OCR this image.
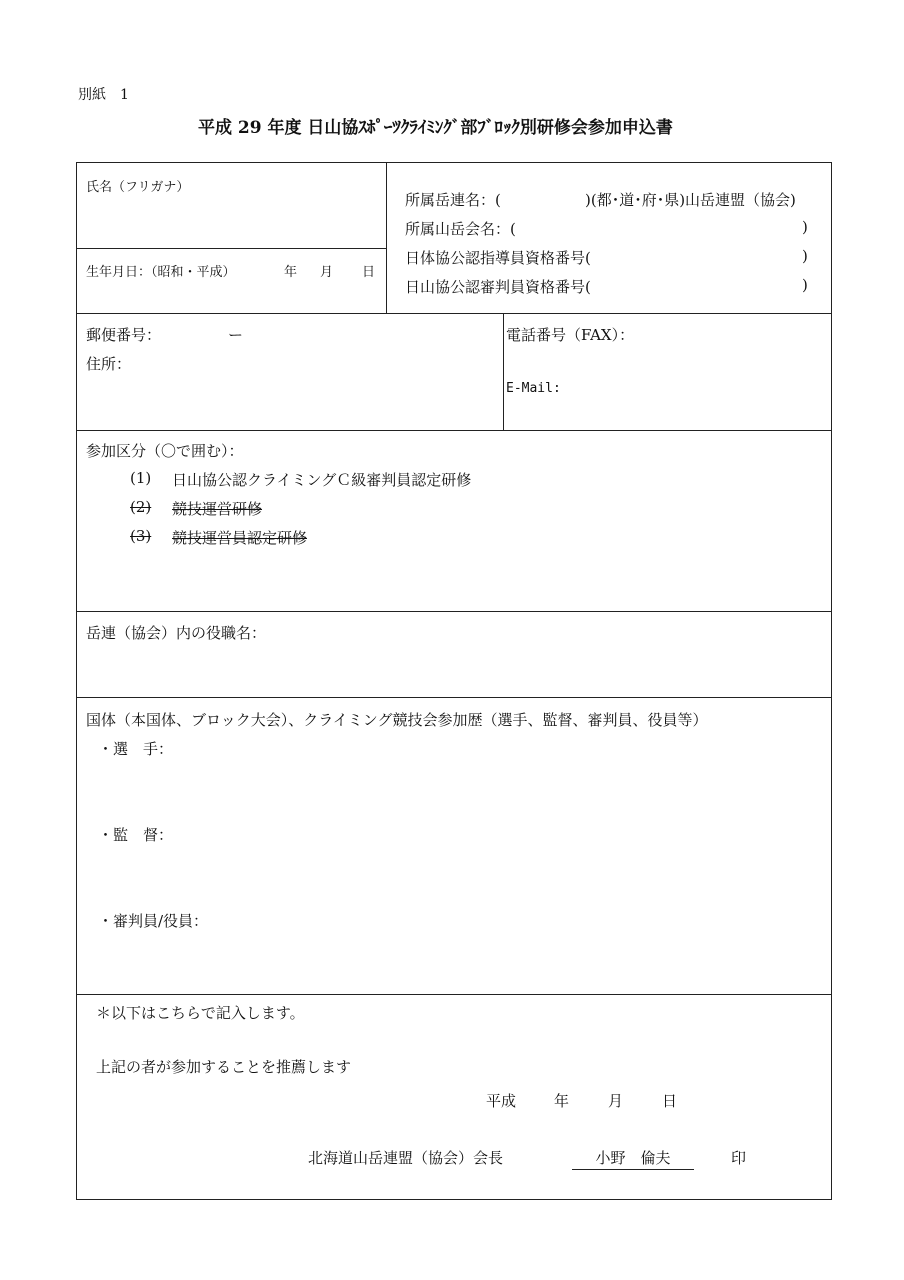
別紙　1
平成 29 年度 日山協ｽﾎﾟｰﾂｸﾗｲﾐﾝｸﾞ部ﾌﾞﾛｯｸ別研修会参加申込書
氏名（フリガナ）
生年月日：（昭和・平成）	年 月 日
所属岳連名：(	)(都･道･府･県)山岳連盟（協会)
所属山岳会名：(	)
日体協公認指導員資格番号(	)
日山協公認審判員資格番号(	)
郵便番号：	ー
住所：
電話番号（FAX）：
E-Mail:
参加区分（〇で囲む）：
(1) 日山協公認クライミングＣ級審判員認定研修
(2)	競技運営研修
(3)	競技運営員認定研修
岳連（協会）内の役職名：
国体（本国体、ブロック大会）、クライミング競技会参加歴（選手、監督、審判員、役員等）
・選　手：
・監　督：
・審判員/役員：
＊以下はこちらで記入します。
上記の者が参加することを推薦します
平成	年	月	日
北海道山岳連盟（協会）会長	小野　倫夫	印
